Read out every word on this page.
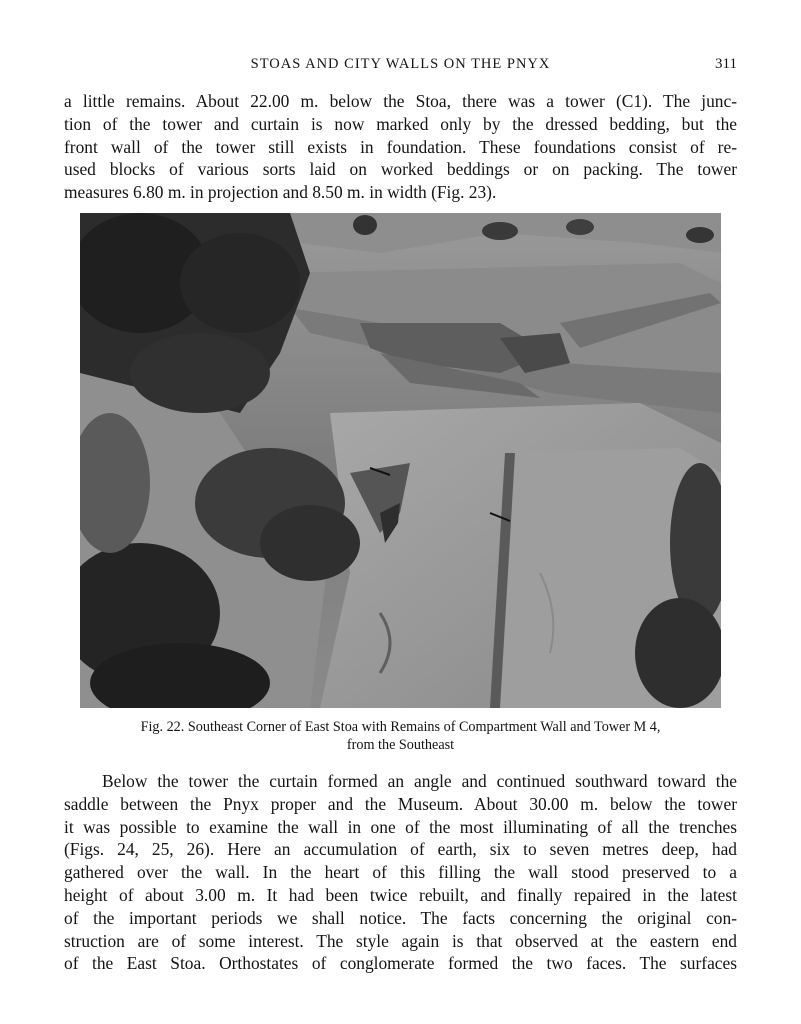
STOAS AND CITY WALLS ON THE PNYX	311
a little remains. About 22.00 m. below the Stoa, there was a tower (C1). The junc-
tion of the tower and curtain is now marked only by the dressed bedding, but the
front wall of the tower still exists in foundation. These foundations consist of re-
used blocks of various sorts laid on worked beddings or on packing. The tower
measures 6.80 m. in projection and 8.50 m. in width (Fig. 23).
Fig. 22. Southeast Corner of East Stoa with Remains of Compartment Wall and Tower M 4,
from the Southeast
Below the tower the curtain formed an angle and continued southward toward the
saddle between the Pnyx proper and the Museum. About 30.00 m. below the tower
it was possible to examine the wall in one of the most illuminating of all the trenches
(Figs. 24, 25, 26). Here an accumulation of earth, six to seven metres deep, had
gathered over the wall. In the heart of this filling the wall stood preserved to a
height of about 3.00 m. It had been twice rebuilt, and finally repaired in the latest
of the important periods we shall notice. The facts concerning the original con-
struction are of some interest. The style again is that observed at the eastern end
of the East Stoa. Orthostates of conglomerate formed the two faces. The surfaces
